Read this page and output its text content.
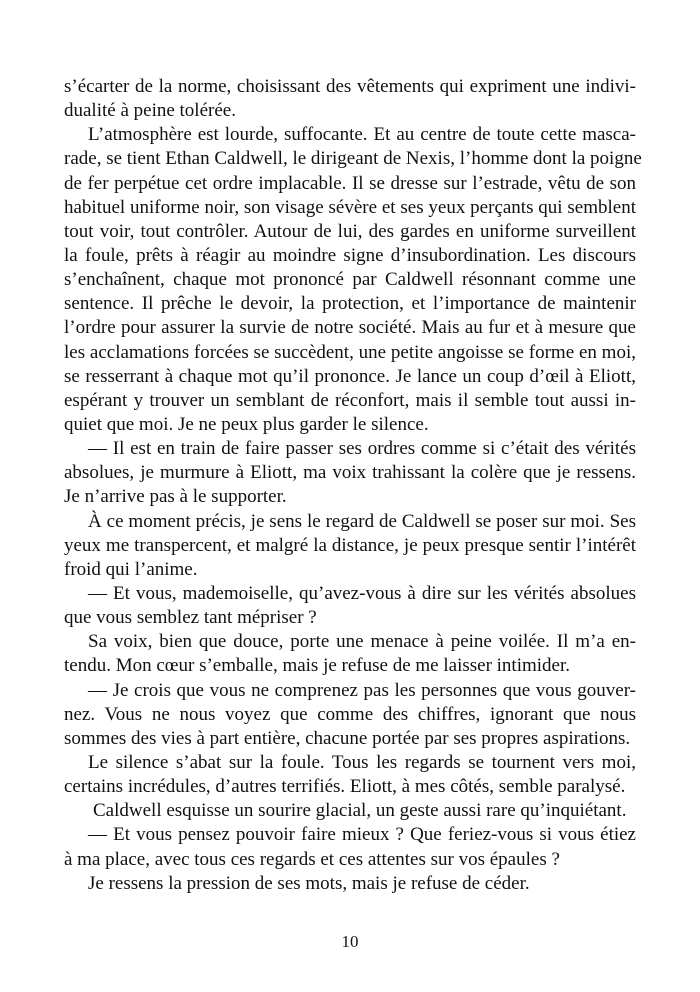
s’écarter de la norme, choisissant des vêtements qui expriment une indivi-
dualité à peine tolérée.
L’atmosphère est lourde, suffocante. Et au centre de toute cette masca-
rade, se tient Ethan Caldwell, le dirigeant de Nexis, l’homme dont la poigne
de fer perpétue cet ordre implacable. Il se dresse sur l’estrade, vêtu de son
habituel uniforme noir, son visage sévère et ses yeux perçants qui semblent
tout voir, tout contrôler. Autour de lui, des gardes en uniforme surveillent
la foule, prêts à réagir au moindre signe d’insubordination. Les discours
s’enchaînent, chaque mot prononcé par Caldwell résonnant comme une
sentence. Il prêche le devoir, la protection, et l’importance de maintenir
l’ordre pour assurer la survie de notre société. Mais au fur et à mesure que
les acclamations forcées se succèdent, une petite angoisse se forme en moi,
se resserrant à chaque mot qu’il prononce. Je lance un coup d’œil à Eliott,
espérant y trouver un semblant de réconfort, mais il semble tout aussi in-
quiet que moi. Je ne peux plus garder le silence.
— Il est en train de faire passer ses ordres comme si c’était des vérités
absolues, je murmure à Eliott, ma voix trahissant la colère que je ressens.
Je n’arrive pas à le supporter.
À ce moment précis, je sens le regard de Caldwell se poser sur moi. Ses
yeux me transpercent, et malgré la distance, je peux presque sentir l’intérêt
froid qui l’anime.
— Et vous, mademoiselle, qu’avez-vous à dire sur les vérités absolues
que vous semblez tant mépriser ?
Sa voix, bien que douce, porte une menace à peine voilée. Il m’a en-
tendu. Mon cœur s’emballe, mais je refuse de me laisser intimider.
— Je crois que vous ne comprenez pas les personnes que vous gouver-
nez. Vous ne nous voyez que comme des chiffres, ignorant que nous
sommes des vies à part entière, chacune portée par ses propres aspirations.
Le silence s’abat sur la foule. Tous les regards se tournent vers moi,
certains incrédules, d’autres terrifiés. Eliott, à mes côtés, semble paralysé.
Caldwell esquisse un sourire glacial, un geste aussi rare qu’inquiétant.
— Et vous pensez pouvoir faire mieux ? Que feriez-vous si vous étiez
à ma place, avec tous ces regards et ces attentes sur vos épaules ?
Je ressens la pression de ses mots, mais je refuse de céder.
10
